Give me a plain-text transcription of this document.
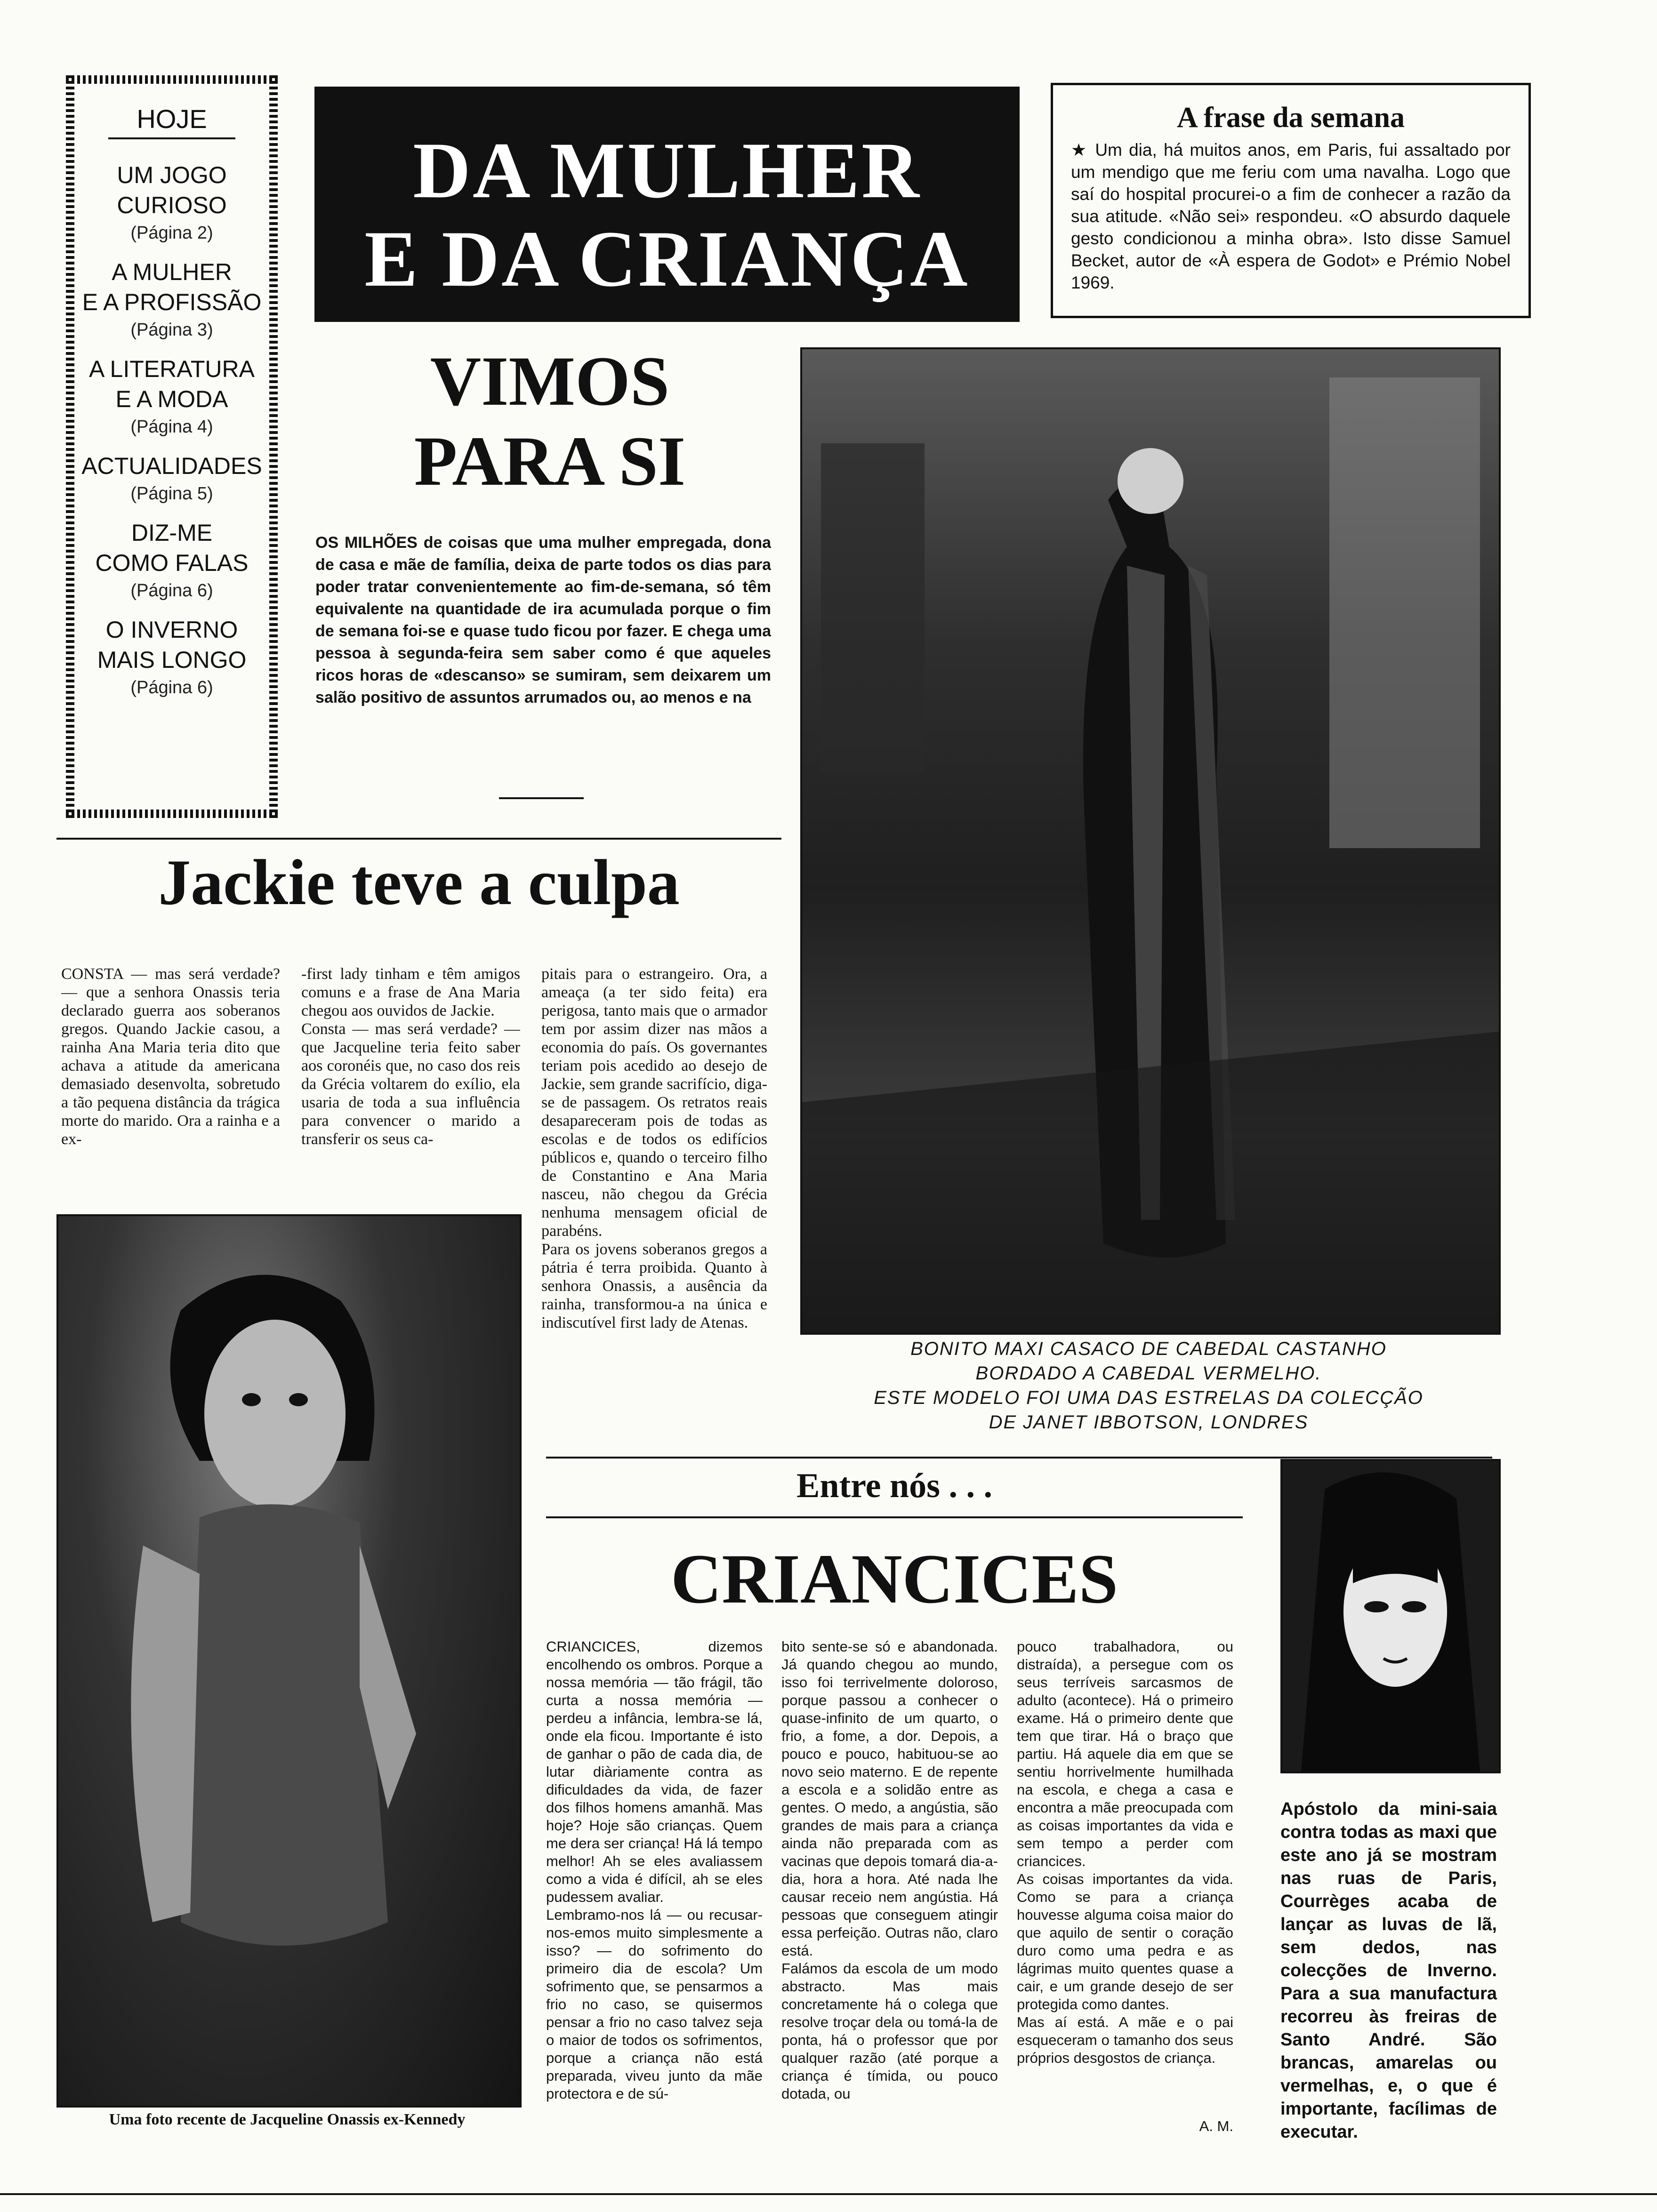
HOJE
UM JOGO
CURIOSO
(Página 2)
A MULHER
E A PROFISSÃO
(Página 3)
A LITERATURA
E A MODA
(Página 4)
ACTUALIDADES
(Página 5)
DIZ-ME
COMO FALAS
(Página 6)
O INVERNO
MAIS LONGO
(Página 6)
DA MULHER
E DA CRIANÇA
A frase da semana
★ Um dia, há muitos anos, em Paris, fui assaltado por um mendigo que me feriu com uma navalha. Logo que saí do hospital procurei-o a fim de conhecer a razão da sua atitude. «Não sei» respondeu. «O absurdo daquele gesto condicionou a minha obra». Isto disse Samuel Becket, autor de «À espera de Godot» e Prémio Nobel 1969.
VIMOS
PARA SI
OS MILHÕES de coisas que uma mulher empregada, dona de casa e mãe de família, deixa de parte todos os dias para poder tratar convenientemente ao fim-de-semana, só têm equivalente na quantidade de ira acumulada porque o fim de semana foi-se e quase tudo ficou por fazer. E chega uma pessoa à segunda-feira sem saber como é que aqueles ricos horas de «descanso» se sumiram, sem deixarem um salão positivo de assuntos arrumados ou, ao menos e na
BONITO MAXI CASACO DE CABEDAL CASTANHO
BORDADO A CABEDAL VERMELHO.
ESTE MODELO FOI UMA DAS ESTRELAS DA COLECÇÃO
DE JANET IBBOTSON, LONDRES
Jackie teve a culpa
CONSTA — mas será verdade? — que a senhora Onassis teria declarado guerra aos soberanos gregos. Quando Jackie casou, a rainha Ana Maria teria dito que achava a atitude da americana demasiado desenvolta, sobretudo a tão pequena distância da trágica morte do marido. Ora a rainha e a ex-
-first lady tinham e têm amigos comuns e a frase de Ana Maria chegou aos ouvidos de Jackie.
Consta — mas será verdade? — que Jacqueline teria feito saber aos coronéis que, no caso dos reis da Grécia voltarem do exílio, ela usaria de toda a sua influência para convencer o marido a transferir os seus ca-
pitais para o estrangeiro. Ora, a ameaça (a ter sido feita) era perigosa, tanto mais que o armador tem por assim dizer nas mãos a economia do país. Os governantes teriam pois acedido ao desejo de Jackie, sem grande sacrifício, diga-se de passagem. Os retratos reais desapareceram pois de todas as escolas e de todos os edifícios públicos e, quando o terceiro filho de Constantino e Ana Maria nasceu, não chegou da Grécia nenhuma mensagem oficial de parabéns.
Para os jovens soberanos gregos a pátria é terra proibida. Quanto à senhora Onassis, a ausência da rainha, transformou-a na única e indiscutível first lady de Atenas.
Uma foto recente de Jacqueline Onassis ex-Kennedy
Entre nós . . .
CRIANCICES
CRIANCICES, dizemos encolhendo os ombros. Porque a nossa memória — tão frágil, tão curta a nossa memória — perdeu a infância, lembra-se lá, onde ela ficou. Importante é isto de ganhar o pão de cada dia, de lutar diàriamente contra as dificuldades da vida, de fazer dos filhos homens amanhã. Mas hoje? Hoje são crianças. Quem me dera ser criança! Há lá tempo melhor! Ah se eles avaliassem como a vida é difícil, ah se eles pudessem avaliar.
Lembramo-nos lá — ou recusar-nos-emos muito simplesmente a isso? — do sofrimento do primeiro dia de escola? Um sofrimento que, se pensarmos a frio no caso, se quisermos pensar a frio no caso talvez seja o maior de todos os sofrimentos, porque a criança não está preparada, viveu junto da mãe protectora e de sú-
bito sente-se só e abandonada. Já quando chegou ao mundo, isso foi terrivelmente doloroso, porque passou a conhecer o quase-infinito de um quarto, o frio, a fome, a dor. Depois, a pouco e pouco, habituou-se ao novo seio materno. E de repente a escola e a solidão entre as gentes. O medo, a angústia, são grandes de mais para a criança ainda não preparada com as vacinas que depois tomará dia-a-dia, hora a hora. Até nada lhe causar receio nem angústia. Há pessoas que conseguem atingir essa perfeição. Outras não, claro está.
Falámos da escola de um modo abstracto. Mas mais concretamente há o colega que resolve troçar dela ou tomá-la de ponta, há o professor que por qualquer razão (até porque a criança é tímida, ou pouco dotada, ou
pouco trabalhadora, ou distraída), a persegue com os seus terríveis sarcasmos de adulto (acontece). Há o primeiro exame. Há o primeiro dente que tem que tirar. Há o braço que partiu. Há aquele dia em que se sentiu horrivelmente humilhada na escola, e chega a casa e encontra a mãe preocupada com as coisas importantes da vida e sem tempo a perder com criancices.
As coisas importantes da vida. Como se para a criança houvesse alguma coisa maior do que aquilo de sentir o coração duro como uma pedra e as lágrimas muito quentes quase a cair, e um grande desejo de ser protegida como dantes.
Mas aí está. A mãe e o pai esqueceram o tamanho dos seus próprios desgostos de criança.
A. M.
Apóstolo da mini-saia contra todas as maxi que este ano já se mostram nas ruas de Paris, Courrèges acaba de lançar as luvas de lã, sem dedos, nas colecções de Inverno. Para a sua manufactura recorreu às freiras de Santo André. São brancas, amarelas ou vermelhas, e, o que é importante, facílimas de executar.
